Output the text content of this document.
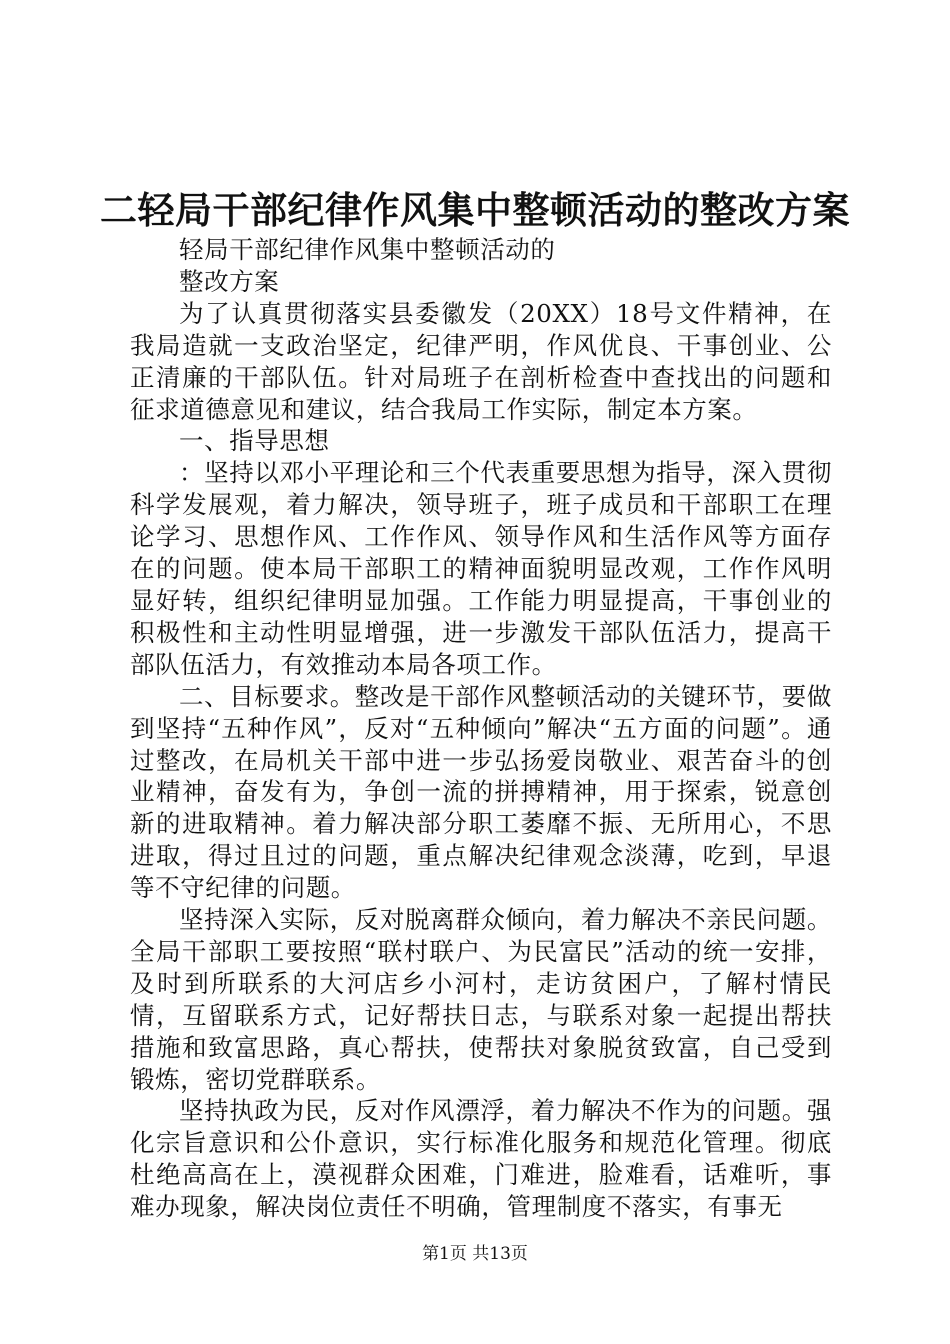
二轻局干部纪律作风集中整顿活动的整改方案

轻局干部纪律作风集中整顿活动的

整改方案

为了认真贯彻落实县委徽发（20XX）18号文件精神，在我局造就一支政治坚定，纪律严明，作风优良、干事创业、公正清廉的干部队伍。针对局班子在剖析检查中查找出的问题和征求道德意见和建议，结合我局工作实际，制定本方案。

一、指导思想

：坚持以邓小平理论和三个代表重要思想为指导，深入贯彻科学发展观，着力解决，领导班子，班子成员和干部职工在理论学习、思想作风、工作作风、领导作风和生活作风等方面存在的问题。使本局干部职工的精神面貌明显改观，工作作风明显好转，组织纪律明显加强。工作能力明显提高，干事创业的积极性和主动性明显增强，进一步激发干部队伍活力，提高干部队伍活力，有效推动本局各项工作。

二、目标要求。整改是干部作风整顿活动的关键环节，要做到坚持“五种作风”，反对“五种倾向”解决“五方面的问题”。通过整改，在局机关干部中进一步弘扬爱岗敬业、艰苦奋斗的创业精神，奋发有为，争创一流的拼搏精神，用于探索，锐意创新的进取精神。着力解决部分职工萎靡不振、无所用心，不思进取，得过且过的问题，重点解决纪律观念淡薄，吃到，早退等不守纪律的问题。

坚持深入实际，反对脱离群众倾向，着力解决不亲民问题。全局干部职工要按照“联村联户、为民富民”活动的统一安排，及时到所联系的大河店乡小河村，走访贫困户，了解村情民情，互留联系方式，记好帮扶日志，与联系对象一起提出帮扶措施和致富思路，真心帮扶，使帮扶对象脱贫致富，自己受到锻炼，密切党群联系。

坚持执政为民，反对作风漂浮，着力解决不作为的问题。强化宗旨意识和公仆意识，实行标准化服务和规范化管理。彻底杜绝高高在上，漠视群众困难，门难进，脸难看，话难听，事难办现象，解决岗位责任不明确，管理制度不落实，有事无

第1页 共13页
